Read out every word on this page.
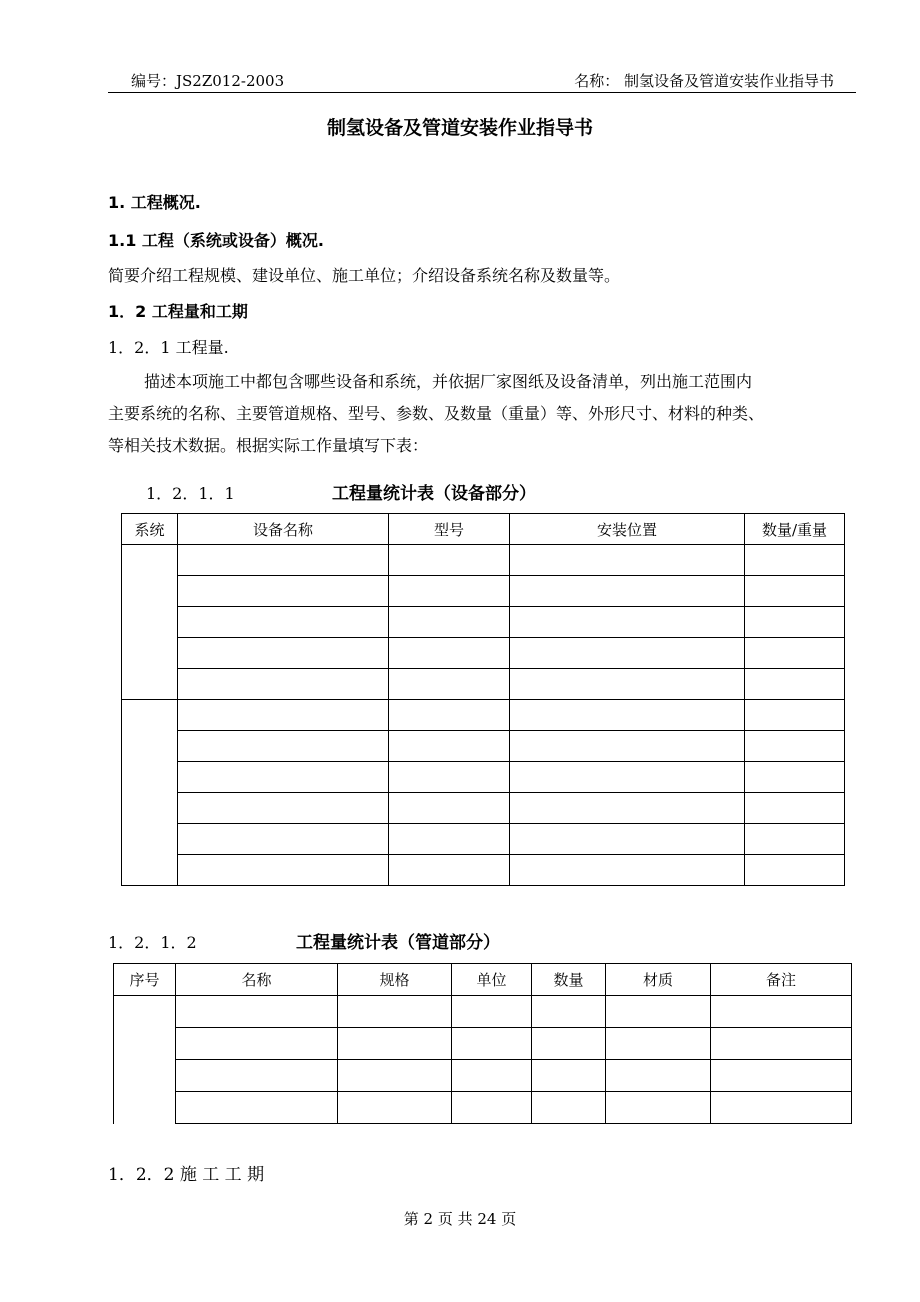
编号：JS2Z012-2003	名称： 制氢设备及管道安装作业指导书
制氢设备及管道安装作业指导书
1. 工程概况.
1.1 工程（系统或设备）概况.
简要介绍工程规模、建设单位、施工单位；介绍设备系统名称及数量等。
1．2 工程量和工期
1．2．1 工程量.
描述本项施工中都包含哪些设备和系统，并依据厂家图纸及设备清单，列出施工范围内
主要系统的名称、主要管道规格、型号、参数、及数量（重量）等、外形尺寸、材料的种类、
等相关技术数据。根据实际工作量填写下表：
1．2．1．1	工程量统计表（设备部分）
系统	设备名称	型号	安装位置	数量/重量

1．2．1．2	工程量统计表（管道部分）
序号	名称	规格	单位	数量	材质	备注

1．2．2 施 工 工 期
第 2 页 共 24 页
